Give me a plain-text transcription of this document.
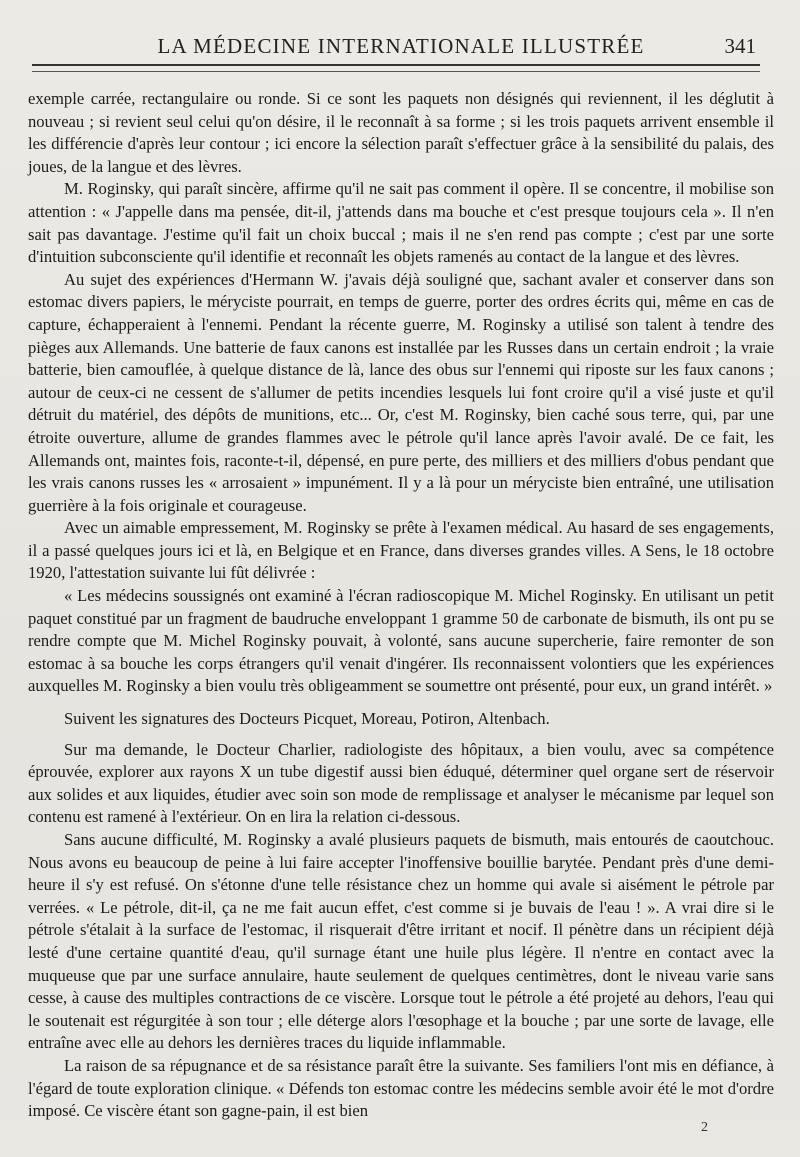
LA MÉDECINE INTERNATIONALE ILLUSTRÉE	341

exemple carrée, rectangulaire ou ronde. Si ce sont les paquets non désignés qui reviennent, il les déglutit à nouveau ; si revient seul celui qu'on désire, il le reconnaît à sa forme ; si les trois paquets arrivent ensemble il les différencie d'après leur contour ; ici encore la sélection paraît s'effectuer grâce à la sensibilité du palais, des joues, de la langue et des lèvres.

M. Roginsky, qui paraît sincère, affirme qu'il ne sait pas comment il opère. Il se concentre, il mobilise son attention : « J'appelle dans ma pensée, dit-il, j'attends dans ma bouche et c'est presque toujours cela ». Il n'en sait pas davantage. J'estime qu'il fait un choix buccal ; mais il ne s'en rend pas compte ; c'est par une sorte d'intuition subconsciente qu'il identifie et reconnaît les objets ramenés au contact de la langue et des lèvres.

Au sujet des expériences d'Hermann W. j'avais déjà souligné que, sachant avaler et conserver dans son estomac divers papiers, le méryciste pourrait, en temps de guerre, porter des ordres écrits qui, même en cas de capture, échapperaient à l'ennemi. Pendant la récente guerre, M. Roginsky a utilisé son talent à tendre des pièges aux Allemands. Une batterie de faux canons est installée par les Russes dans un certain endroit ; la vraie batterie, bien camouflée, à quelque distance de là, lance des obus sur l'ennemi qui riposte sur les faux canons ; autour de ceux-ci ne cessent de s'allumer de petits incendies lesquels lui font croire qu'il a visé juste et qu'il détruit du matériel, des dépôts de munitions, etc... Or, c'est M. Roginsky, bien caché sous terre, qui, par une étroite ouverture, allume de grandes flammes avec le pétrole qu'il lance après l'avoir avalé. De ce fait, les Allemands ont, maintes fois, raconte-t-il, dépensé, en pure perte, des milliers et des milliers d'obus pendant que les vrais canons russes les « arrosaient » impunément. Il y a là pour un méryciste bien entraîné, une utilisation guerrière à la fois originale et courageuse.

Avec un aimable empressement, M. Roginsky se prête à l'examen médical. Au hasard de ses engagements, il a passé quelques jours ici et là, en Belgique et en France, dans diverses grandes villes. A Sens, le 18 octobre 1920, l'attestation suivante lui fût délivrée :

« Les médecins soussignés ont examiné à l'écran radioscopique M. Michel Roginsky. En utilisant un petit paquet constitué par un fragment de baudruche enveloppant 1 gramme 50 de carbonate de bismuth, ils ont pu se rendre compte que M. Michel Roginsky pouvait, à volonté, sans aucune supercherie, faire remonter de son estomac à sa bouche les corps étrangers qu'il venait d'ingérer. Ils reconnaissent volontiers que les expériences auxquelles M. Roginsky a bien voulu très obligeamment se soumettre ont présenté, pour eux, un grand intérêt. »

Suivent les signatures des Docteurs Picquet, Moreau, Potiron, Altenbach.

Sur ma demande, le Docteur Charlier, radiologiste des hôpitaux, a bien voulu, avec sa compétence éprouvée, explorer aux rayons X un tube digestif aussi bien éduqué, déterminer quel organe sert de réservoir aux solides et aux liquides, étudier avec soin son mode de remplissage et analyser le mécanisme par lequel son contenu est ramené à l'extérieur. On en lira la relation ci-dessous.

Sans aucune difficulté, M. Roginsky a avalé plusieurs paquets de bismuth, mais entourés de caoutchouc. Nous avons eu beaucoup de peine à lui faire accepter l'inoffensive bouillie barytée. Pendant près d'une demi-heure il s'y est refusé. On s'étonne d'une telle résistance chez un homme qui avale si aisément le pétrole par verrées. « Le pétrole, dit-il, ça ne me fait aucun effet, c'est comme si je buvais de l'eau ! ». A vrai dire si le pétrole s'étalait à la surface de l'estomac, il risquerait d'être irritant et nocif. Il pénètre dans un récipient déjà lesté d'une certaine quantité d'eau, qu'il surnage étant une huile plus légère. Il n'entre en contact avec la muqueuse que par une surface annulaire, haute seulement de quelques centimètres, dont le niveau varie sans cesse, à cause des multiples contractions de ce viscère. Lorsque tout le pétrole a été projeté au dehors, l'eau qui le soutenait est régurgitée à son tour ; elle déterge alors l'œsophage et la bouche ; par une sorte de lavage, elle entraîne avec elle au dehors les dernières traces du liquide inflammable.

La raison de sa répugnance et de sa résistance paraît être la suivante. Ses familiers l'ont mis en défiance, à l'égard de toute exploration clinique. « Défends ton estomac contre les médecins semble avoir été le mot d'ordre imposé. Ce viscère étant son gagne-pain, il est bien

2
